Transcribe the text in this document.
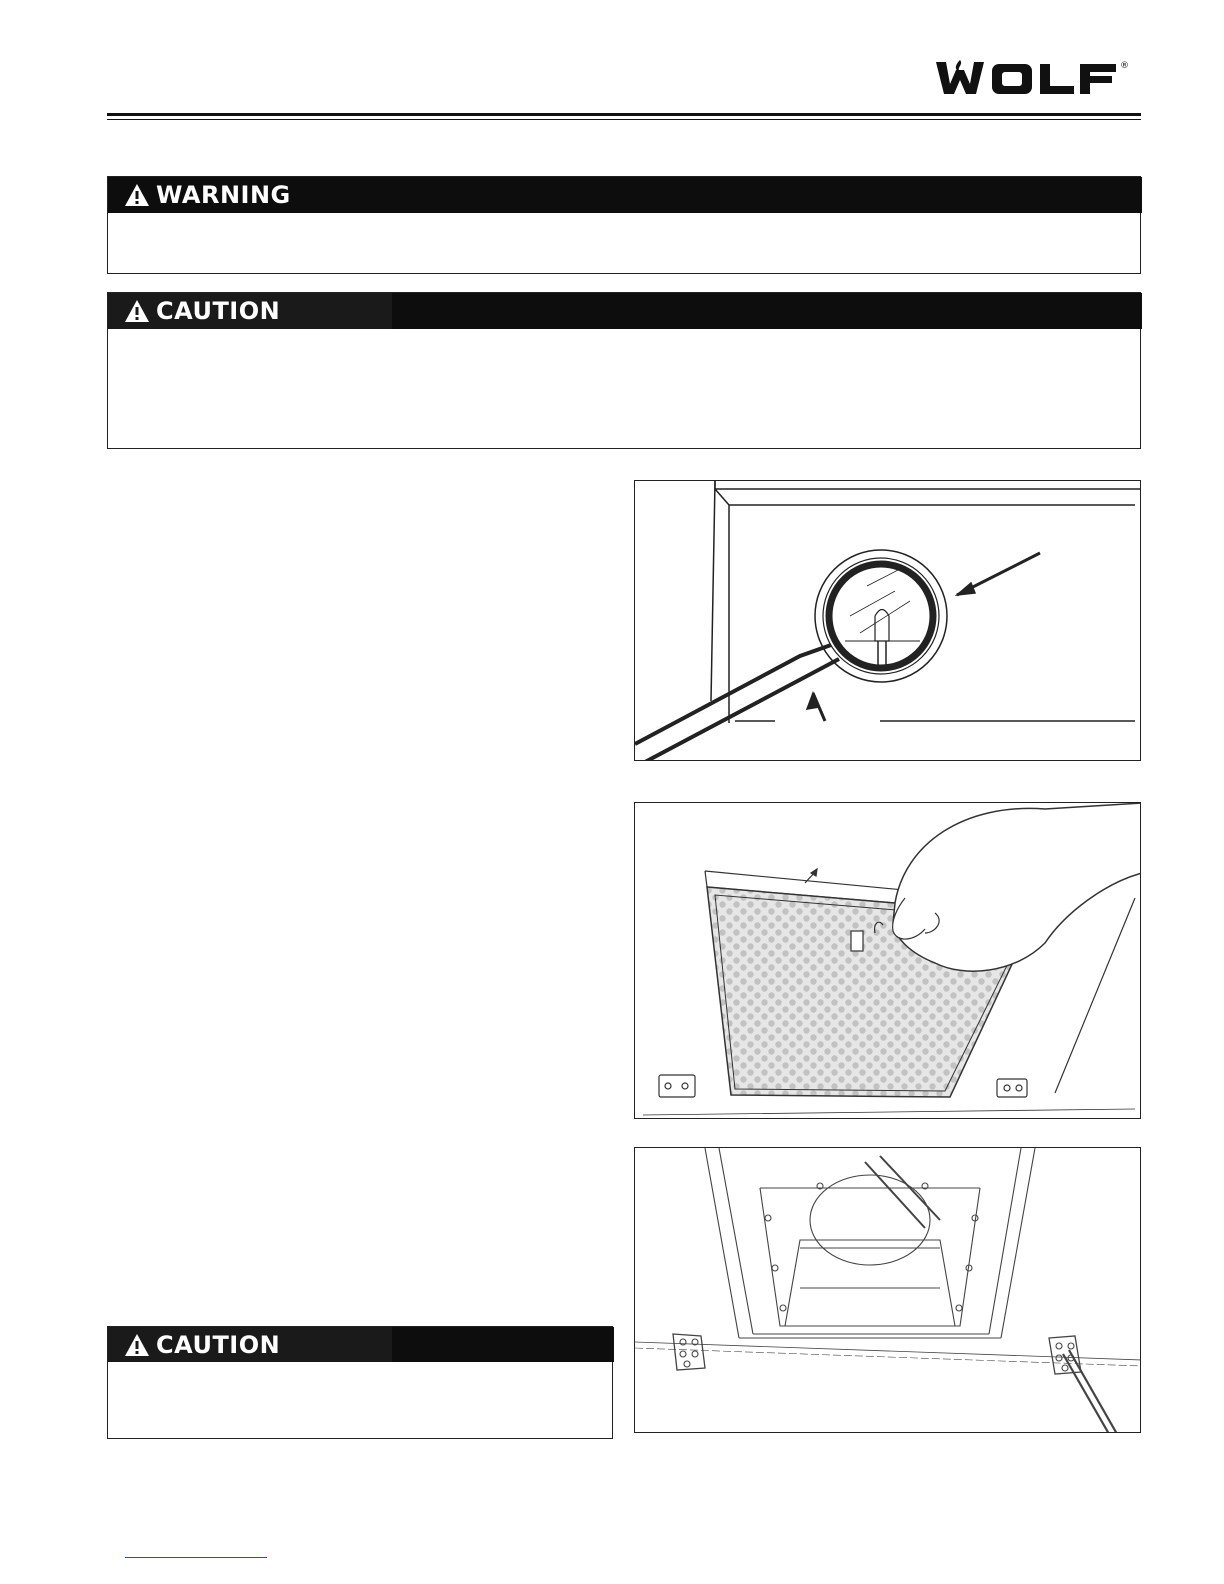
®
WARNING
CAUTION
CAUTION
